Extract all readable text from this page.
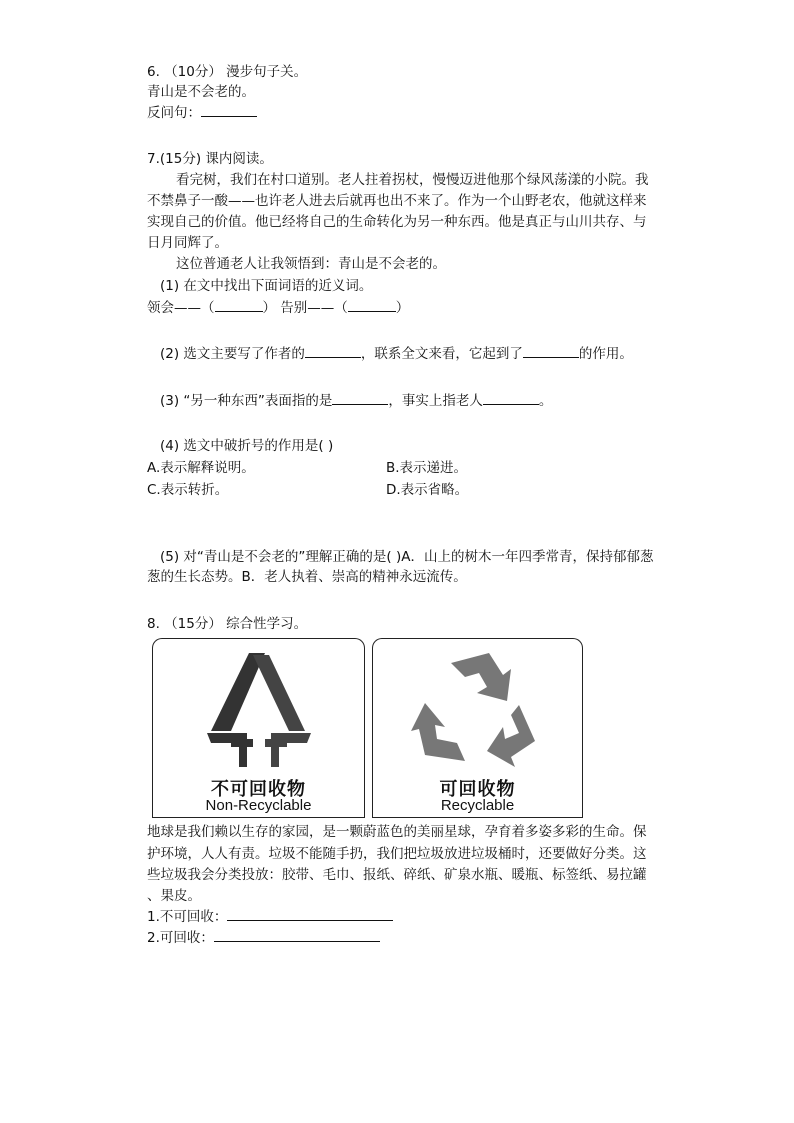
6. （10分） 漫步句子关。
青山是不会老的。
反问句：
7.(15分) 课内阅读。
看完树，我们在村口道别。老人拄着拐杖，慢慢迈进他那个绿风荡漾的小院。我
不禁鼻子一酸——也许老人进去后就再也出不来了。作为一个山野老农，他就这样来
实现自己的价值。他已经将自己的生命转化为另一种东西。他是真正与山川共存、与
日月同辉了。
这位普通老人让我领悟到：青山是不会老的。
(1) 在文中找出下面词语的近义词。
领会——（	） 告别——（	）
(2) 选文主要写了作者的	，联系全文来看，它起到了	的作用。
(3) “另一种东西”表面指的是	，事实上指老人	。
(4) 选文中破折号的作用是( )
A.表示解释说明。	B.表示递进。
C.表示转折。	D.表示省略。
(5) 对“青山是不会老的”理解正确的是( )A．山上的树木一年四季常青，保持郁郁葱
葱的生长态势。B．老人执着、崇高的精神永远流传。
8. （15分） 综合性学习。
不可回收物
Non-Recyclable
可回收物
Recyclable
地球是我们赖以生存的家园，是一颗蔚蓝色的美丽星球，孕育着多姿多彩的生命。保
护环境，人人有责。垃圾不能随手扔，我们把垃圾放进垃圾桶时，还要做好分类。这
些垃圾我会分类投放：胶带、毛巾、报纸、碎纸、矿泉水瓶、暖瓶、标签纸、易拉罐
、果皮。
1.不可回收：
2.可回收：
